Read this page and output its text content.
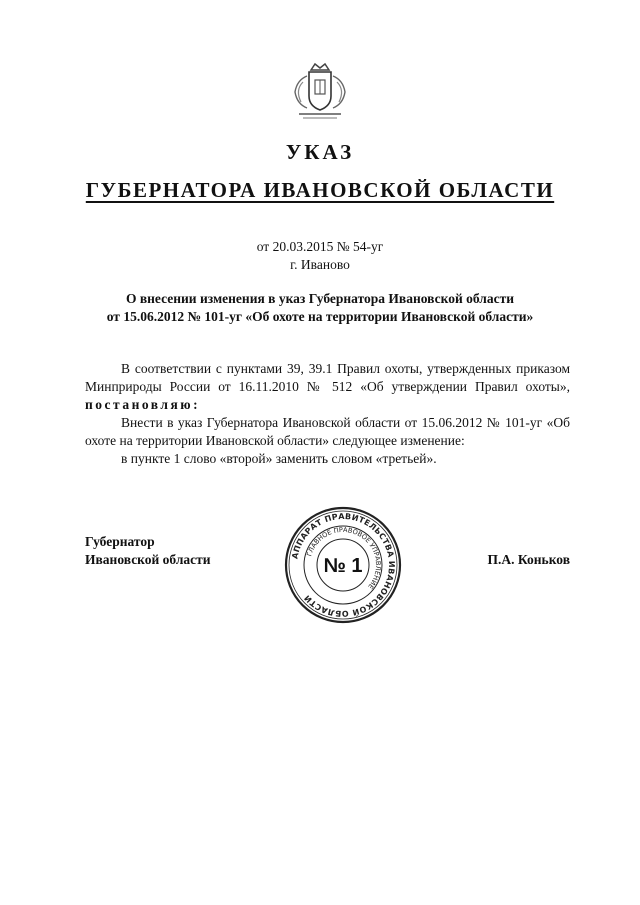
УКАЗ
ГУБЕРНАТОРА ИВАНОВСКОЙ ОБЛАСТИ
от 20.03.2015 № 54-уг
г. Иваново
О внесении изменения в указ Губернатора Ивановской области
от 15.06.2012 № 101-уг «Об охоте на территории Ивановской области»

В соответствии с пунктами 39, 39.1 Правил охоты, утвержденных приказом Минприроды России от 16.11.2010 № 512 «Об утверждении Правил охоты», постановляю:

Внести в указ Губернатора Ивановской области от 15.06.2012 № 101-уг «Об охоте на территории Ивановской области» следующее изменение:

в пункте 1 слово «второй» заменить словом «третьей».

Губернатор
Ивановской области	АППАРАТ ПРАВИТЕЛЬСТВА ИВАНОВСКОЙ ОБЛАСТИ
ГЛАВНОЕ ПРАВОВОЕ УПРАВЛЕНИЕ
№ 1	П.А. Коньков
